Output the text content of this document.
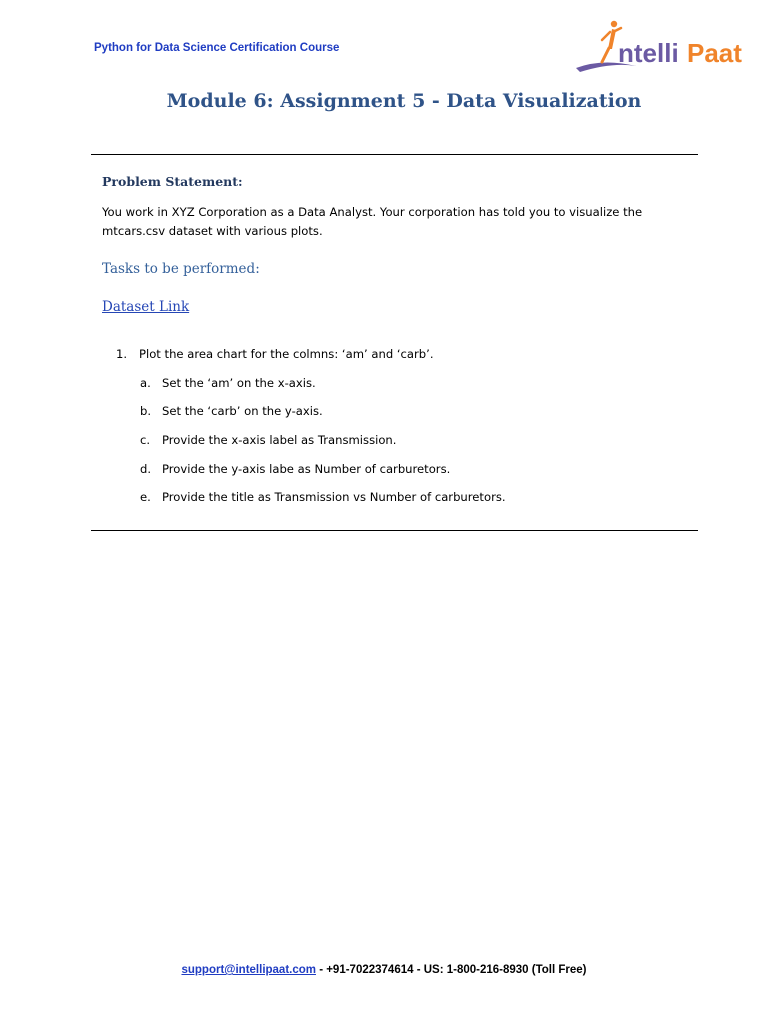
Python for Data Science Certification Course	ntelli Paat
Module 6: Assignment 5 - Data Visualization
Problem Statement:
You work in XYZ Corporation as a Data Analyst. Your corporation has told you to visualize the
mtcars.csv dataset with various plots.
Tasks to be performed:
Dataset Link
1. Plot the area chart for the colmns: ‘am’ and ‘carb’.
a. Set the ‘am’ on the x-axis.
b. Set the ‘carb’ on the y-axis.
c. Provide the x-axis label as Transmission.
d. Provide the y-axis labe as Number of carburetors.
e. Provide the title as Transmission vs Number of carburetors.
support@intellipaat.com - +91-7022374614 - US: 1-800-216-8930 (Toll Free)
